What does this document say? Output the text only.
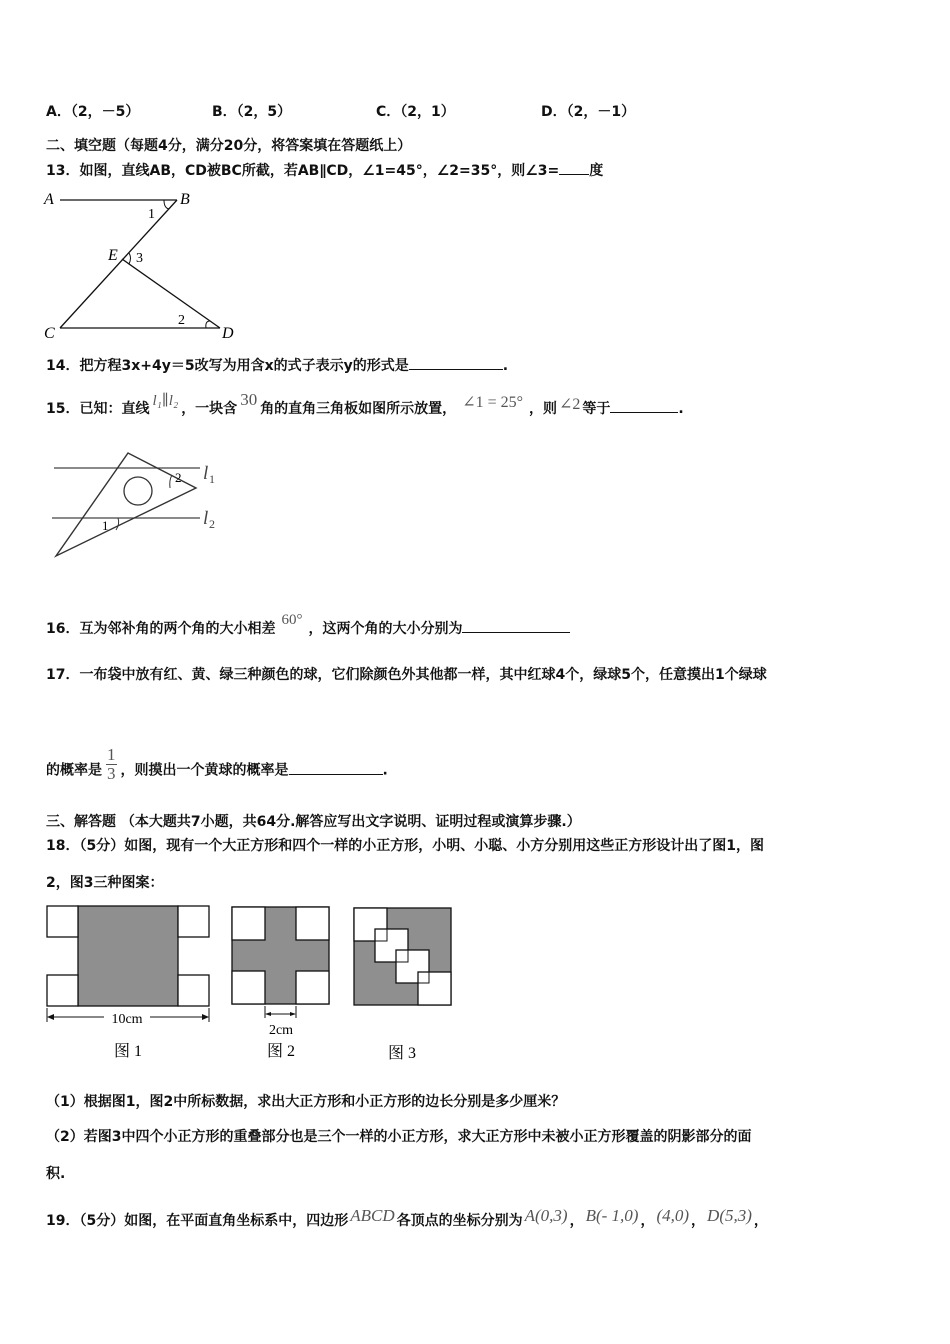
A．（2，－5）	B．（2，5）	C．（2，1）	D．（2，－1）
二、填空题（每题4分，满分20分，将答案填在答题纸上）
13．如图，直线AB，CD被BC所截，若AB∥CD，∠1=45°，∠2=35°，则∠3= 度
A	B
C	D
E
1
2
3
14．把方程3x+4y＝5改写为用含x的式子表示y的形式是	.
15．已知：直线 l₁∥l₂ ，一块含 30 角的直角三角板如图所示放置， ∠1 = 25° ，则 ∠2 等于	.
2
1
l 1
l 2
16．互为邻补角的两个角的大小相差60°，这两个角的大小分别为
17．一布袋中放有红、黄、绿三种颜色的球，它们除颜色外其他都一样，其中红球4个，绿球5个，任意摸出1个绿球
的概率是 $\frac{1}{3}$ ，则摸出一个黄球的概率是	.
三、解答题 （本大题共7小题，共64分.解答应写出文字说明、证明过程或演算步骤.）
18．（5分）如图，现有一个大正方形和四个一样的小正方形，小明、小聪、小方分别用这些正方形设计出了图1，图
2，图3三种图案：
10cm
图 1
2cm
图 2	图 3
（1）根据图1，图2中所标数据，求出大正方形和小正方形的边长分别是多少厘米？
（2）若图3中四个小正方形的重叠部分也是三个一样的小正方形，求大正方形中未被小正方形覆盖的阴影部分的面
积.
19．（5分）如图，在平面直角坐标系中，四边形 ABCD 各顶点的坐标分别为 A(0,3) ， B(- 1,0) ， (4,0) ， D(5,3) ，
